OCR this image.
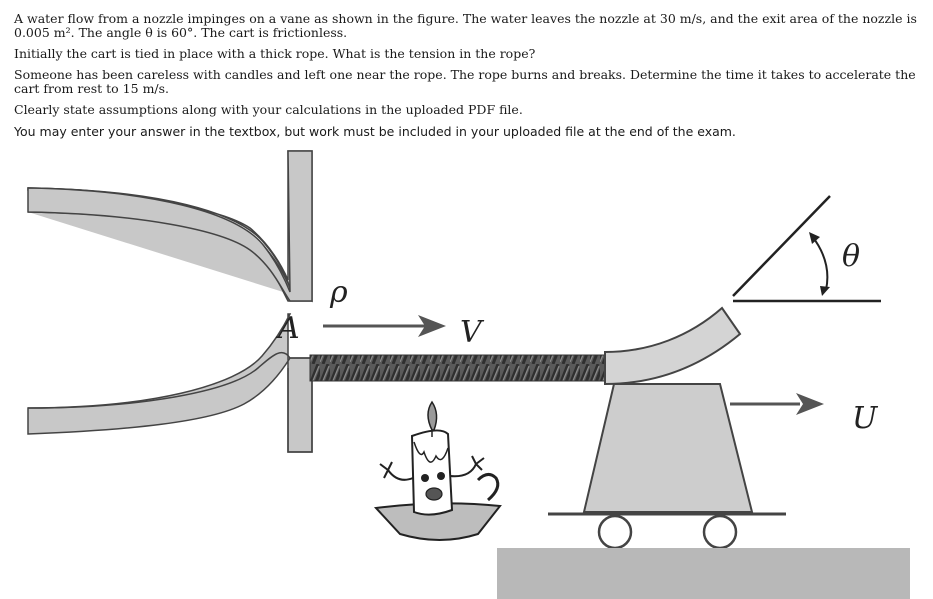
A water flow from a nozzle impinges on a vane as shown in the figure. The water leaves the nozzle at 30 m/s, and the exit area of the nozzle is 0.005 m². The angle θ is 60°. The cart is frictionless.

Initially the cart is tied in place with a thick rope. What is the tension in the rope?

Someone has been careless with candles and left one near the rope. The rope burns and breaks. Determine the time it takes to accelerate the cart from rest to 15 m/s.

Clearly state assumptions along with your calculations in the uploaded PDF file.

You may enter your answer in the textbox, but work must be included in your uploaded file at the end of the exam.

ρ
A	V
θ
U
